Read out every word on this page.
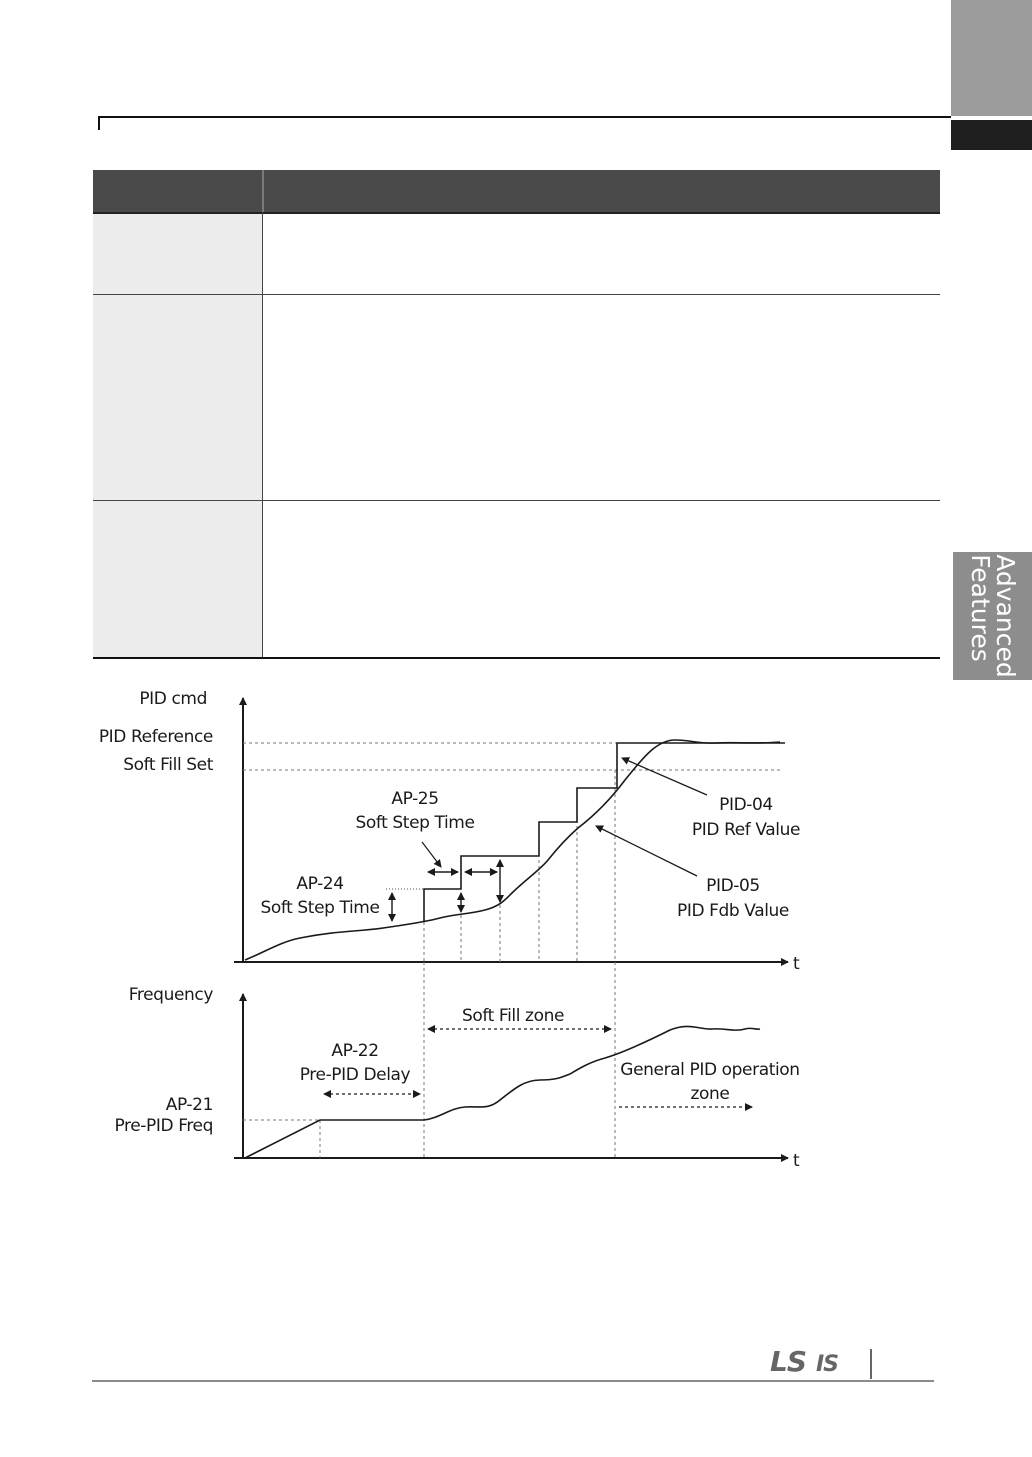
Advanced
Features
PID cmd
PID Reference
Soft Fill Set
AP-25
Soft Step Time
AP-24
Soft Step Time
PID-04
PID Ref Value
PID-05
PID Fdb Value
t
Frequency
Soft Fill zone
AP-22
Pre-PID Delay	General PID operation
zone
AP-21
Pre-PID Freq
t
LS IS
